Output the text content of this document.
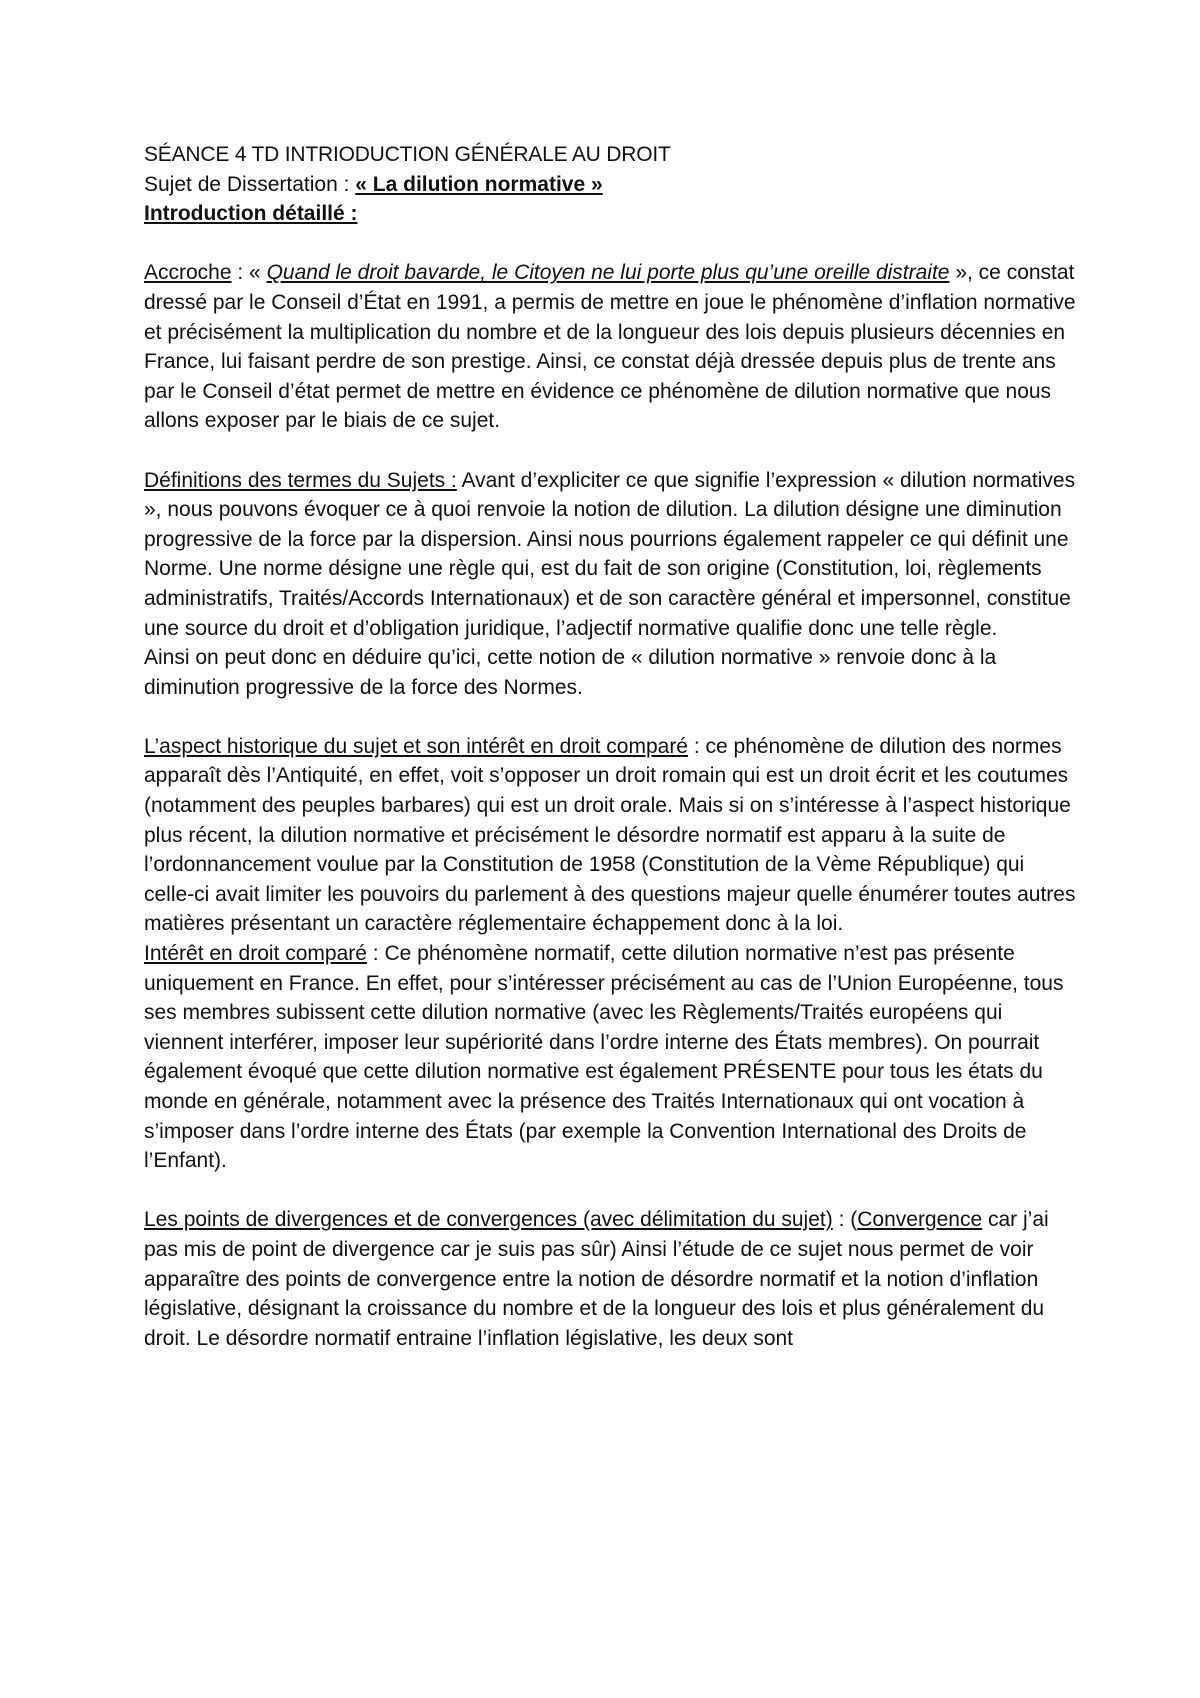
SÉANCE 4 TD INTRIODUCTION GÉNÉRALE AU DROIT

Sujet de Dissertation : « La dilution normative »

Introduction détaillé :

Accroche : « Quand le droit bavarde, le Citoyen ne lui porte plus qu’une oreille distraite », ce constat dressé par le Conseil d’État en 1991, a permis de mettre en joue le phénomène d’inflation normative et précisément la multiplication du nombre et de la longueur des lois depuis plusieurs décennies en France, lui faisant perdre de son prestige. Ainsi, ce constat déjà dressée depuis plus de trente ans par le Conseil d’état permet de mettre en évidence ce phénomène de dilution normative que nous allons exposer par le biais de ce sujet.

Définitions des termes du Sujets : Avant d’expliciter ce que signifie l’expression « dilution normatives », nous pouvons évoquer ce à quoi renvoie la notion de dilution. La dilution désigne une diminution progressive de la force par la dispersion. Ainsi nous pourrions également rappeler ce qui définit une Norme. Une norme désigne une règle qui, est du fait de son origine (Constitution, loi, règlements administratifs, Traités/Accords Internationaux) et de son caractère général et impersonnel, constitue une source du droit et d’obligation juridique, l’adjectif normative qualifie donc une telle règle.

Ainsi on peut donc en déduire qu’ici, cette notion de « dilution normative » renvoie donc à la diminution progressive de la force des Normes.

L’aspect historique du sujet et son intérêt en droit comparé : ce phénomène de dilution des normes apparaît dès l’Antiquité, en effet, voit s’opposer un droit romain qui est un droit écrit et les coutumes (notamment des peuples barbares) qui est un droit orale. Mais si on s’intéresse à l’aspect historique plus récent, la dilution normative et précisément le désordre normatif est apparu à la suite de l’ordonnancement voulue par la Constitution de 1958 (Constitution de la Vème République) qui celle-ci avait limiter les pouvoirs du parlement à des questions majeur quelle énumérer toutes autres matières présentant un caractère réglementaire échappement donc à la loi.

Intérêt en droit comparé : Ce phénomène normatif, cette dilution normative n’est pas présente uniquement en France. En effet, pour s’intéresser précisément au cas de l’Union Européenne, tous ses membres subissent cette dilution normative (avec les Règlements/Traités européens qui viennent interférer, imposer leur supériorité dans l’ordre interne des États membres). On pourrait également évoqué que cette dilution normative est également PRÉSENTE pour tous les états du monde en générale, notamment avec la présence des Traités Internationaux qui ont vocation à s’imposer dans l’ordre interne des États (par exemple la Convention International des Droits de l’Enfant).

Les points de divergences et de convergences (avec délimitation du sujet) : (Convergence car j’ai pas mis de point de divergence car je suis pas sûr) Ainsi l’étude de ce sujet nous permet de voir apparaître des points de convergence entre la notion de désordre normatif et la notion d’inflation législative, désignant la croissance du nombre et de la longueur des lois et plus généralement du droit. Le désordre normatif entraine l’inflation législative, les deux sont
